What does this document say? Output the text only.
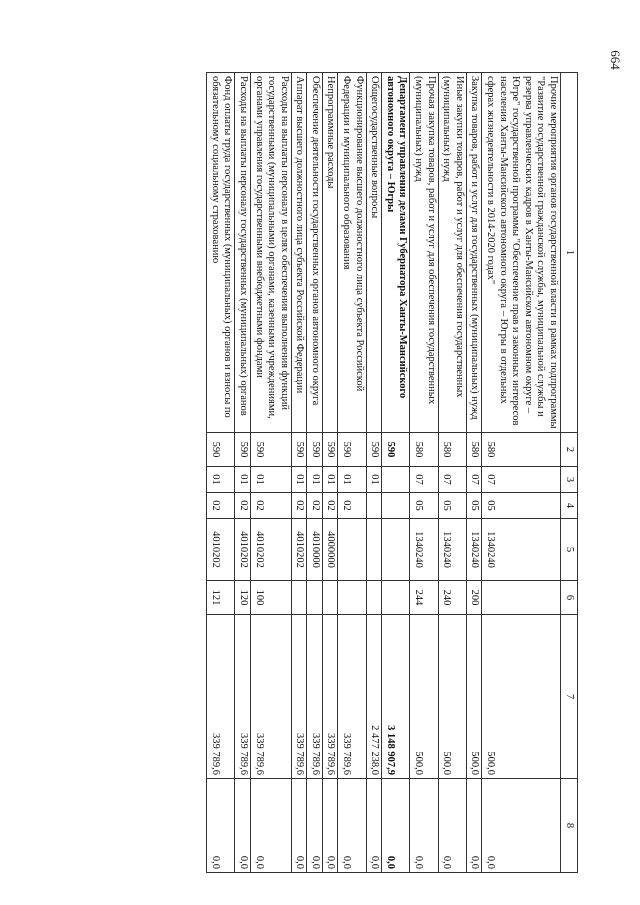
664
1	2	3	4	5	6	7	8
Прочие мероприятия органов государственной власти в рамках подпрограммы "Развитие государственной гражданской службы, муниципальной службы и резерва управленческих кадров в Ханты-Мансийском автономном округе – Югре" государственной программы "Обеспечение прав и законных интересов населения Ханты-Мансийского автономного округа – Югры в отдельных сферах жизнедеятельности в 2014-2020 годах"	580	07	05	1340240		500,0	0,0
Закупка товаров, работ и услуг для государственных (муниципальных) нужд	580	07	05	1340240	200	500,0	0,0
Иные закупки товаров, работ и услуг для обеспечения государственных (муниципальных) нужд	580	07	05	1340240	240	500,0	0,0
Прочая закупка товаров, работ и услуг для обеспечения государственных (муниципальных) нужд	580	07	05	1340240	244	500,0	0,0
Департамент управления делами Губернатора Ханты-Мансийского автономного округа – Югры	590					3 148 907,9	0,0
Общегосударственные вопросы	590	01				2 477 238,0	0,0
Функционирование высшего должностного лица субъекта Российской Федерации и муниципального образования	590	01	02			339 789,6	0,0
Непрограммные расходы	590	01	02	4000000		339 789,6	0,0
Обеспечение деятельности государственных органов автономного округа	590	01	02	4010000		339 789,6	0,0
Аппарат высшего должностного лица субъекта Российской Федерации	590	01	02	4010202		339 789,6	0,0
Расходы на выплаты персоналу в целях обеспечения выполнения функций государственными (муниципальными) органами, казенными учреждениями, органами управления государственными внебюджетными фондами	590	01	02	4010202	100	339 789,6	0,0
Расходы на выплаты персоналу государственных (муниципальных) органов	590	01	02	4010202	120	339 789,6	0,0
Фонд оплаты труда государственных (муниципальных) органов и взносы по обязательному социальному страхованию	590	01	02	4010202	121	339 789,6	0,0
